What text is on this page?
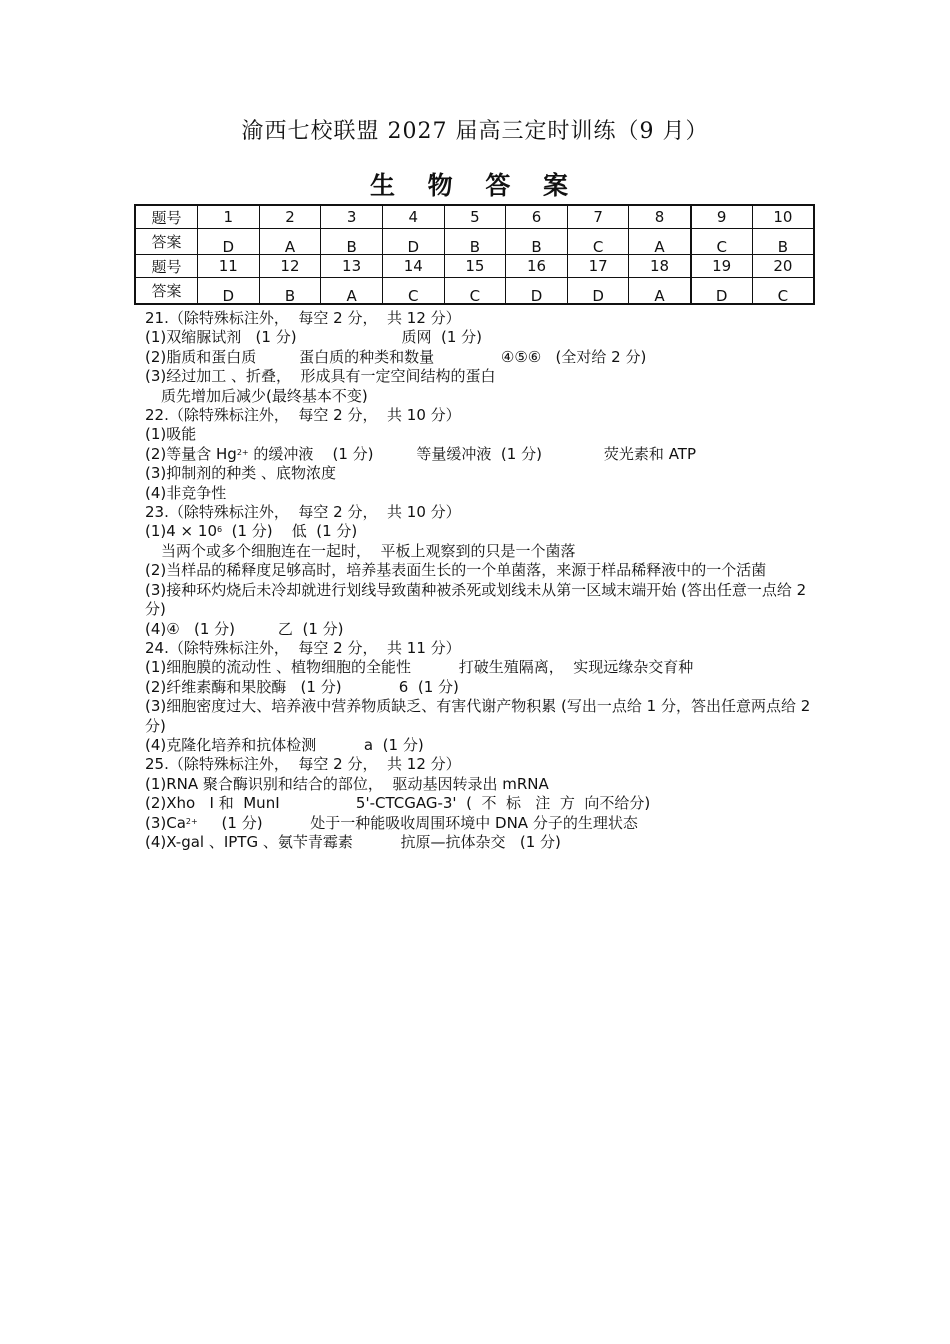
渝西七校联盟 2027 届高三定时训练（9 月）
生 物 答 案
题号	1	2	3	4	5	6	7	8	9	10
答案	D	A	B	D	B	B	C	A	C	B
题号	11	12	13	14	15	16	17	18	19	20
答案	D	B	A	C	C	D	D	A	D	C
21.（除特殊标注外，  每空 2 分，  共 12 分）
(1)双缩脲试剂   (1 分)                      质网  (1 分)
(2)脂质和蛋白质         蛋白质的种类和数量              ④⑤⑥   (全对给 2 分)
(3)经过加工 、折叠，  形成具有一定空间结构的蛋白
质先增加后减少(最终基本不变)
22.（除特殊标注外，  每空 2 分，  共 10 分）
(1)吸能
(2)等量含 $Hg^{2+}$ 的缓冲液    (1 分)         等量缓冲液  (1 分)             荧光素和 ATP
(3)抑制剂的种类 、底物浓度
(4)非竞争性
23.（除特殊标注外，  每空 2 分，  共 10 分）
$(1)4 \times 10^6$  (1 分)    低  (1 分)
当两个或多个细胞连在一起时，  平板上观察到的只是一个菌落
(2)当样品的稀释度足够高时，培养基表面生长的一个单菌落，来源于样品稀释液中的一个活菌
(3)接种环灼烧后未冷却就进行划线导致菌种被杀死或划线未从第一区域末端开始 (答出任意一点给 2 分)
(4)④   (1 分)         乙  (1 分)
24.（除特殊标注外，  每空 2 分，  共 11 分）
(1)细胞膜的流动性 、植物细胞的全能性          打破生殖隔离，  实现远缘杂交育种
(2)纤维素酶和果胶酶   (1 分)            6  (1 分)
(3)细胞密度过大、培养液中营养物质缺乏、有害代谢产物积累 (写出一点给 1 分，答出任意两点给 2 分)
(4)克隆化培养和抗体检测          a  (1 分)
25.（除特殊标注外，  每空 2 分，  共 12 分）
(1)RNA 聚合酶识别和结合的部位，  驱动基因转录出 mRNA
(2)Xho   I 和  MunI                5'-CTCGAG-3'  (  不  标   注  方  向不给分)
$(3)Ca^{2+}$     (1 分)          处于一种能吸收周围环境中 DNA 分子的生理状态
(4)X-gal 、IPTG 、氨苄青霉素          抗原—抗体杂交   (1 分)
